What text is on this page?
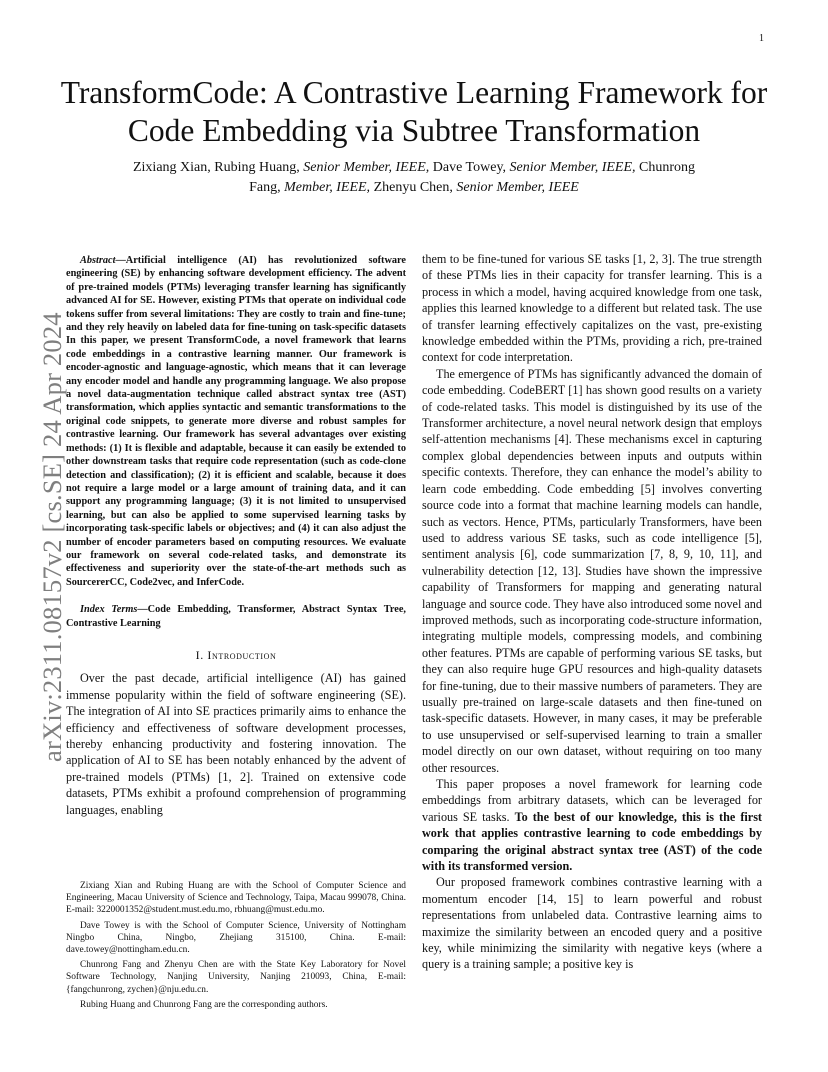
1
arXiv:2311.08157v2 [cs.SE] 24 Apr 2024
TransformCode: A Contrastive Learning Framework for Code Embedding via Subtree Transformation
Zixiang Xian, Rubing Huang, Senior Member, IEEE, Dave Towey, Senior Member, IEEE, Chunrong
Fang, Member, IEEE, Zhenyu Chen, Senior Member, IEEE

Abstract—Artificial intelligence (AI) has revolutionized software engineering (SE) by enhancing software development efficiency. The advent of pre-trained models (PTMs) leveraging transfer learning has significantly advanced AI for SE. However, existing PTMs that operate on individual code tokens suffer from several limitations: They are costly to train and fine-tune; and they rely heavily on labeled data for fine-tuning on task-specific datasets In this paper, we present TransformCode, a novel framework that learns code embeddings in a contrastive learning manner. Our framework is encoder-agnostic and language-agnostic, which means that it can leverage any encoder model and handle any programming language. We also propose a novel data-augmentation technique called abstract syntax tree (AST) transformation, which applies syntactic and semantic transformations to the original code snippets, to generate more diverse and robust samples for contrastive learning. Our framework has several advantages over existing methods: (1) It is flexible and adaptable, because it can easily be extended to other downstream tasks that require code representation (such as code-clone detection and classification); (2) it is efficient and scalable, because it does not require a large model or a large amount of training data, and it can support any programming language; (3) it is not limited to unsupervised learning, but can also be applied to some supervised learning tasks by incorporating task-specific labels or objectives; and (4) it can also adjust the number of encoder parameters based on computing resources. We evaluate our framework on several code-related tasks, and demonstrate its effectiveness and superiority over the state-of-the-art methods such as SourcererCC, Code2vec, and InferCode.

Index Terms—Code Embedding, Transformer, Abstract Syntax Tree, Contrastive Learning

I. Introduction

Over the past decade, artificial intelligence (AI) has gained immense popularity within the field of software engineering (SE). The integration of AI into SE practices primarily aims to enhance the efficiency and effectiveness of software development processes, thereby enhancing productivity and fostering innovation. The application of AI to SE has been notably enhanced by the advent of pre-trained models (PTMs) [1, 2]. Trained on extensive code datasets, PTMs exhibit a profound comprehension of programming languages, enabling

Zixiang Xian and Rubing Huang are with the School of Computer Science and Engineering, Macau University of Science and Technology, Taipa, Macau 999078, China. E-mail: 3220001352@student.must.edu.mo, rbhuang@must.edu.mo.

Dave Towey is with the School of Computer Science, University of Nottingham Ningbo China, Ningbo, Zhejiang 315100, China. E-mail: dave.towey@nottingham.edu.cn.

Chunrong Fang and Zhenyu Chen are with the State Key Laboratory for Novel Software Technology, Nanjing University, Nanjing 210093, China, E-mail: {fangchunrong, zychen}@nju.edu.cn.

Rubing Huang and Chunrong Fang are the corresponding authors.

them to be fine-tuned for various SE tasks [1, 2, 3]. The true strength of these PTMs lies in their capacity for transfer learning. This is a process in which a model, having acquired knowledge from one task, applies this learned knowledge to a different but related task. The use of transfer learning effectively capitalizes on the vast, pre-existing knowledge embedded within the PTMs, providing a rich, pre-trained context for code interpretation.

The emergence of PTMs has significantly advanced the domain of code embedding. CodeBERT [1] has shown good results on a variety of code-related tasks. This model is distinguished by its use of the Transformer architecture, a novel neural network design that employs self-attention mechanisms [4]. These mechanisms excel in capturing complex global dependencies between inputs and outputs within specific contexts. Therefore, they can enhance the model’s ability to learn code embedding. Code embedding [5] involves converting source code into a format that machine learning models can handle, such as vectors. Hence, PTMs, particularly Transformers, have been used to address various SE tasks, such as code intelligence [5], sentiment analysis [6], code summarization [7, 8, 9, 10, 11], and vulnerability detection [12, 13]. Studies have shown the impressive capability of Transformers for mapping and generating natural language and source code. They have also introduced some novel and improved methods, such as incorporating code-structure information, integrating multiple models, compressing models, and combining other features. PTMs are capable of performing various SE tasks, but they can also require huge GPU resources and high-quality datasets for fine-tuning, due to their massive numbers of parameters. They are usually pre-trained on large-scale datasets and then fine-tuned on task-specific datasets. However, in many cases, it may be preferable to use unsupervised or self-supervised learning to train a smaller model directly on our own dataset, without requiring on too many other resources.

This paper proposes a novel framework for learning code embeddings from arbitrary datasets, which can be leveraged for various SE tasks. To the best of our knowledge, this is the first work that applies contrastive learning to code embeddings by comparing the original abstract syntax tree (AST) of the code with its transformed version.

Our proposed framework combines contrastive learning with a momentum encoder [14, 15] to learn powerful and robust representations from unlabeled data. Contrastive learning aims to maximize the similarity between an encoded query and a positive key, while minimizing the similarity with negative keys (where a query is a training sample; a positive key is
